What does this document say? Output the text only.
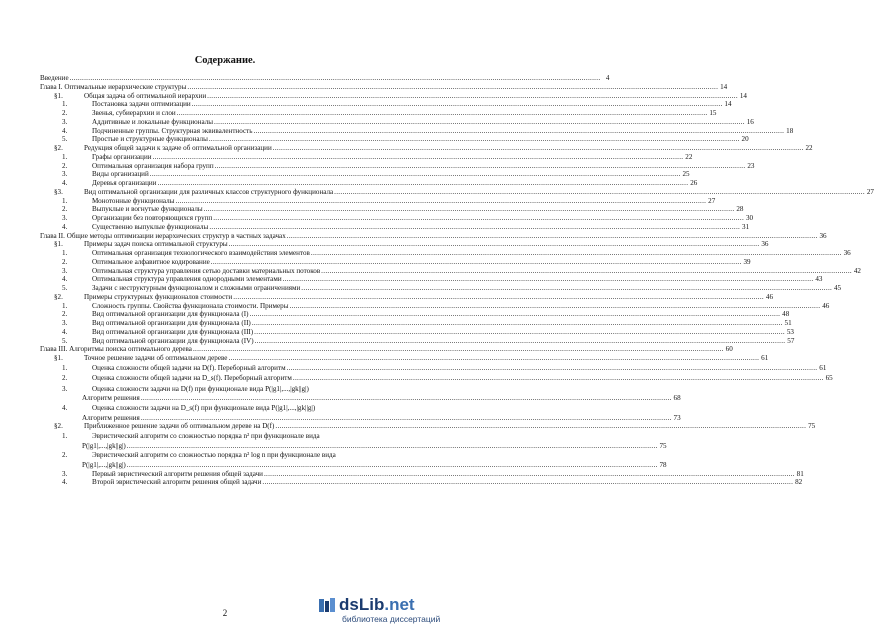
Содержание.
Введение .....	4
Глава I. Оптимальные иерархические структуры .....	14
§1.	Общая задача об оптимальной иерархии .....	14
1.	Постановка задачи оптимизации .....	14
2.	Звенья, субиерархии и слои .....	15
3.	Аддитивные и локальные функционалы .....	16
4.	Подчиненные группы. Структурная эквивалентность .....	18
5.	Простые и структурные функционалы .....	20
§2.	Редукция общей задачи к задаче об оптимальной организации .....	22
1.	Графы организации .....	22
2.	Оптимальная организация набора групп .....	23
3.	Виды организаций .....	25
4.	Деревья организации .....	26
§3.	Вид оптимальной организации для различных классов структурного функционала .....	27
1.	Монотонные функционалы .....	27
2.	Выпуклые и вогнутые функционалы .....	28
3.	Организации без повторяющихся групп .....	30
4.	Существенно выпуклые функционалы .....	31
Глава II. Общие методы оптимизации иерархических структур в частных задачах .....	36
§1.	Примеры задач поиска оптимальной структуры .....	36
1.	Оптимальная организация технологического взаимодействия элементов .....	36
2.	Оптимальное алфавитное кодирование .....	39
3.	Оптимальная структура управления сетью доставки материальных потоков .....	42
4.	Оптимальная структура управления однородными элементами .....	43
5.	Задачи с неструктурным функционалом и сложными ограничениями .....	45
§2.	Примеры структурных функционалов стоимости .....	46
1.	Сложность группы. Свойства функционала стоимости. Примеры .....	46
2.	Вид оптимальной организации для функционала (I) .....	48
3.	Вид оптимальной организации для функционала (II) .....	51
4.	Вид оптимальной организации для функционала (III) .....	53
5.	Вид оптимальной организации для функционала (IV) .....	57
Глава III. Алгоритмы поиска оптимального дерева .....	60
§1.	Точное решение задачи об оптимальном дереве .....	61
1.	Оценка сложности общей задачи на D(f). Переборный алгоритм .....	61
2.	Оценка сложности общей задачи на D_s(f). Переборный алгоритм .....	65
3.	Оценка сложности задачи на D(f) при функционале вида P(|g1|,...,|gk||g|)
Алгоритм решения .....	68
4.	Оценка сложности задачи на D_s(f) при функционале вида P(|g1|,...,|gk||g|)
Алгоритм решения .....	73
§2.	Приближенное решение задачи об оптимальном дереве на D(f) .....	75
1.	Эвристический алгоритм со сложностью порядка n² при функционале вида
P(|g1|,...,|gk||g|) .....	75
2.	Эвристический алгоритм со сложностью порядка n² log n при функционале вида
P(|g1|,...,|gk||g|) .....	78
3.	Первый эвристический алгоритм решения общей задачи .....	81
4.	Второй эвристический алгоритм решения общей задачи .....	82
2	dsLib.net
библиотека диссертаций
